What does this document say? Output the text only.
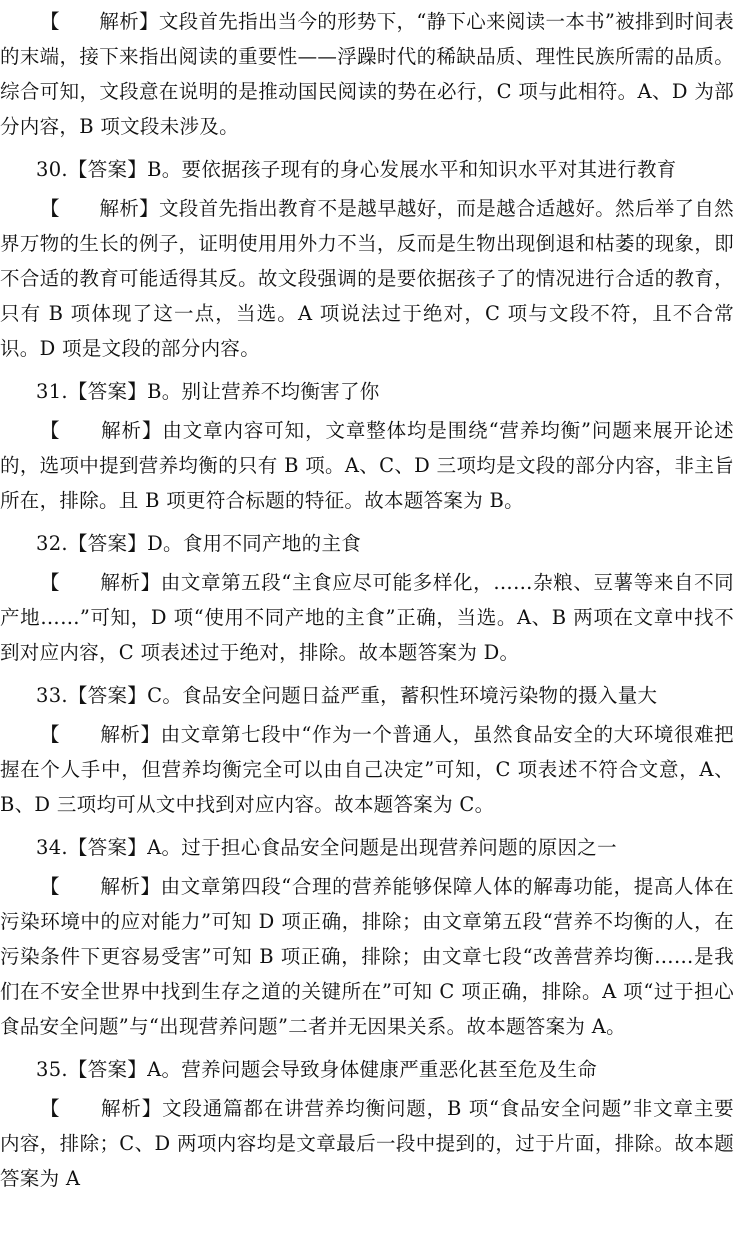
【　　解析】文段首先指出当今的形势下，“静下心来阅读一本书”被排到时间表的末端，接下来指出阅读的重要性——浮躁时代的稀缺品质、理性民族所需的品质。综合可知，文段意在说明的是推动国民阅读的势在必行，C 项与此相符。A、D 为部分内容，B 项文段未涉及。

30.【答案】B。要依据孩子现有的身心发展水平和知识水平对其进行教育

【　　解析】文段首先指出教育不是越早越好，而是越合适越好。然后举了自然界万物的生长的例子，证明使用用外力不当，反而是生物出现倒退和枯萎的现象，即不合适的教育可能适得其反。故文段强调的是要依据孩子了的情况进行合适的教育，只有 B 项体现了这一点，当选。A 项说法过于绝对，C 项与文段不符，且不合常识。D 项是文段的部分内容。

31.【答案】B。别让营养不均衡害了你

【　　解析】由文章内容可知，文章整体均是围绕“营养均衡”问题来展开论述的，选项中提到营养均衡的只有 B 项。A、C、D 三项均是文段的部分内容，非主旨所在，排除。且 B 项更符合标题的特征。故本题答案为 B。

32.【答案】D。食用不同产地的主食

【　　解析】由文章第五段“主食应尽可能多样化，……杂粮、豆薯等来自不同产地……”可知，D 项“使用不同产地的主食”正确，当选。A、B 两项在文章中找不到对应内容，C 项表述过于绝对，排除。故本题答案为 D。

33.【答案】C。食品安全问题日益严重，蓄积性环境污染物的摄入量大

【　　解析】由文章第七段中“作为一个普通人，虽然食品安全的大环境很难把握在个人手中，但营养均衡完全可以由自己决定”可知，C 项表述不符合文意，A、B、D 三项均可从文中找到对应内容。故本题答案为 C。

34.【答案】A。过于担心食品安全问题是出现营养问题的原因之一

【　　解析】由文章第四段“合理的营养能够保障人体的解毒功能，提高人体在污染环境中的应对能力”可知 D 项正确，排除；由文章第五段“营养不均衡的人，在污染条件下更容易受害”可知 B 项正确，排除；由文章七段“改善营养均衡……是我们在不安全世界中找到生存之道的关键所在”可知 C 项正确，排除。A 项“过于担心食品安全问题”与“出现营养问题”二者并无因果关系。故本题答案为 A。

35.【答案】A。营养问题会导致身体健康严重恶化甚至危及生命

【　　解析】文段通篇都在讲营养均衡问题，B 项“食品安全问题”非文章主要内容，排除；C、D 两项内容均是文章最后一段中提到的，过于片面，排除。故本题答案为 A
